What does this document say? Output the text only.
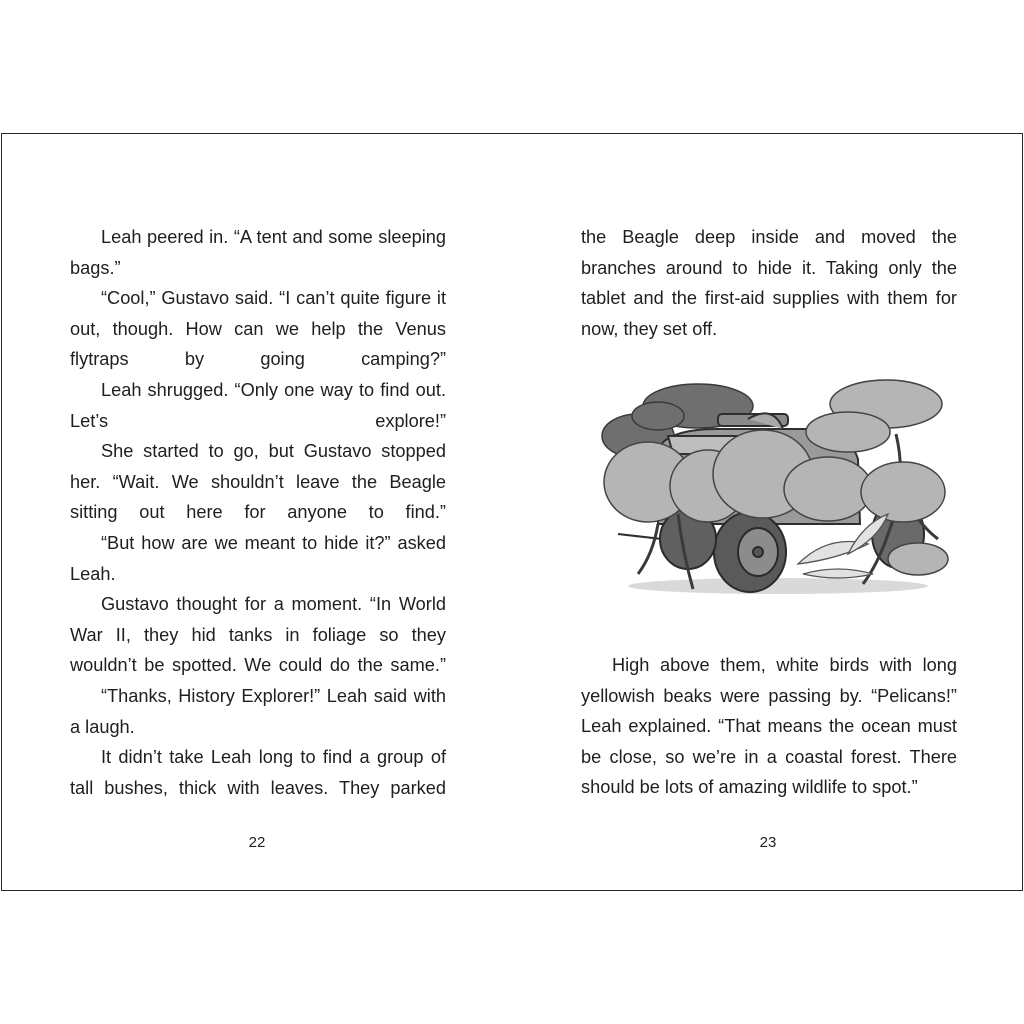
Leah peered in. “A tent and some sleeping bags.”

“Cool,” Gustavo said. “I can’t quite figure it out, though. How can we help the Venus flytraps by going camping?”

Leah shrugged. “Only one way to find out. Let’s explore!”

She started to go, but Gustavo stopped her. “Wait. We shouldn’t leave the Beagle sitting out here for anyone to find.”

“But how are we meant to hide it?” asked Leah.

Gustavo thought for a moment. “In World War II, they hid tanks in foliage so they wouldn’t be spotted. We could do the same.”

“Thanks, History Explorer!” Leah said with a laugh.

It didn’t take Leah long to find a group of tall bushes, thick with leaves. They parked

22

the Beagle deep inside and moved the branches around to hide it. Taking only the tablet and the first-aid supplies with them for now, they set off.

High above them, white birds with long yellowish beaks were passing by. “Pelicans!” Leah explained. “That means the ocean must be close, so we’re in a coastal forest. There should be lots of amazing wildlife to spot.”

23
